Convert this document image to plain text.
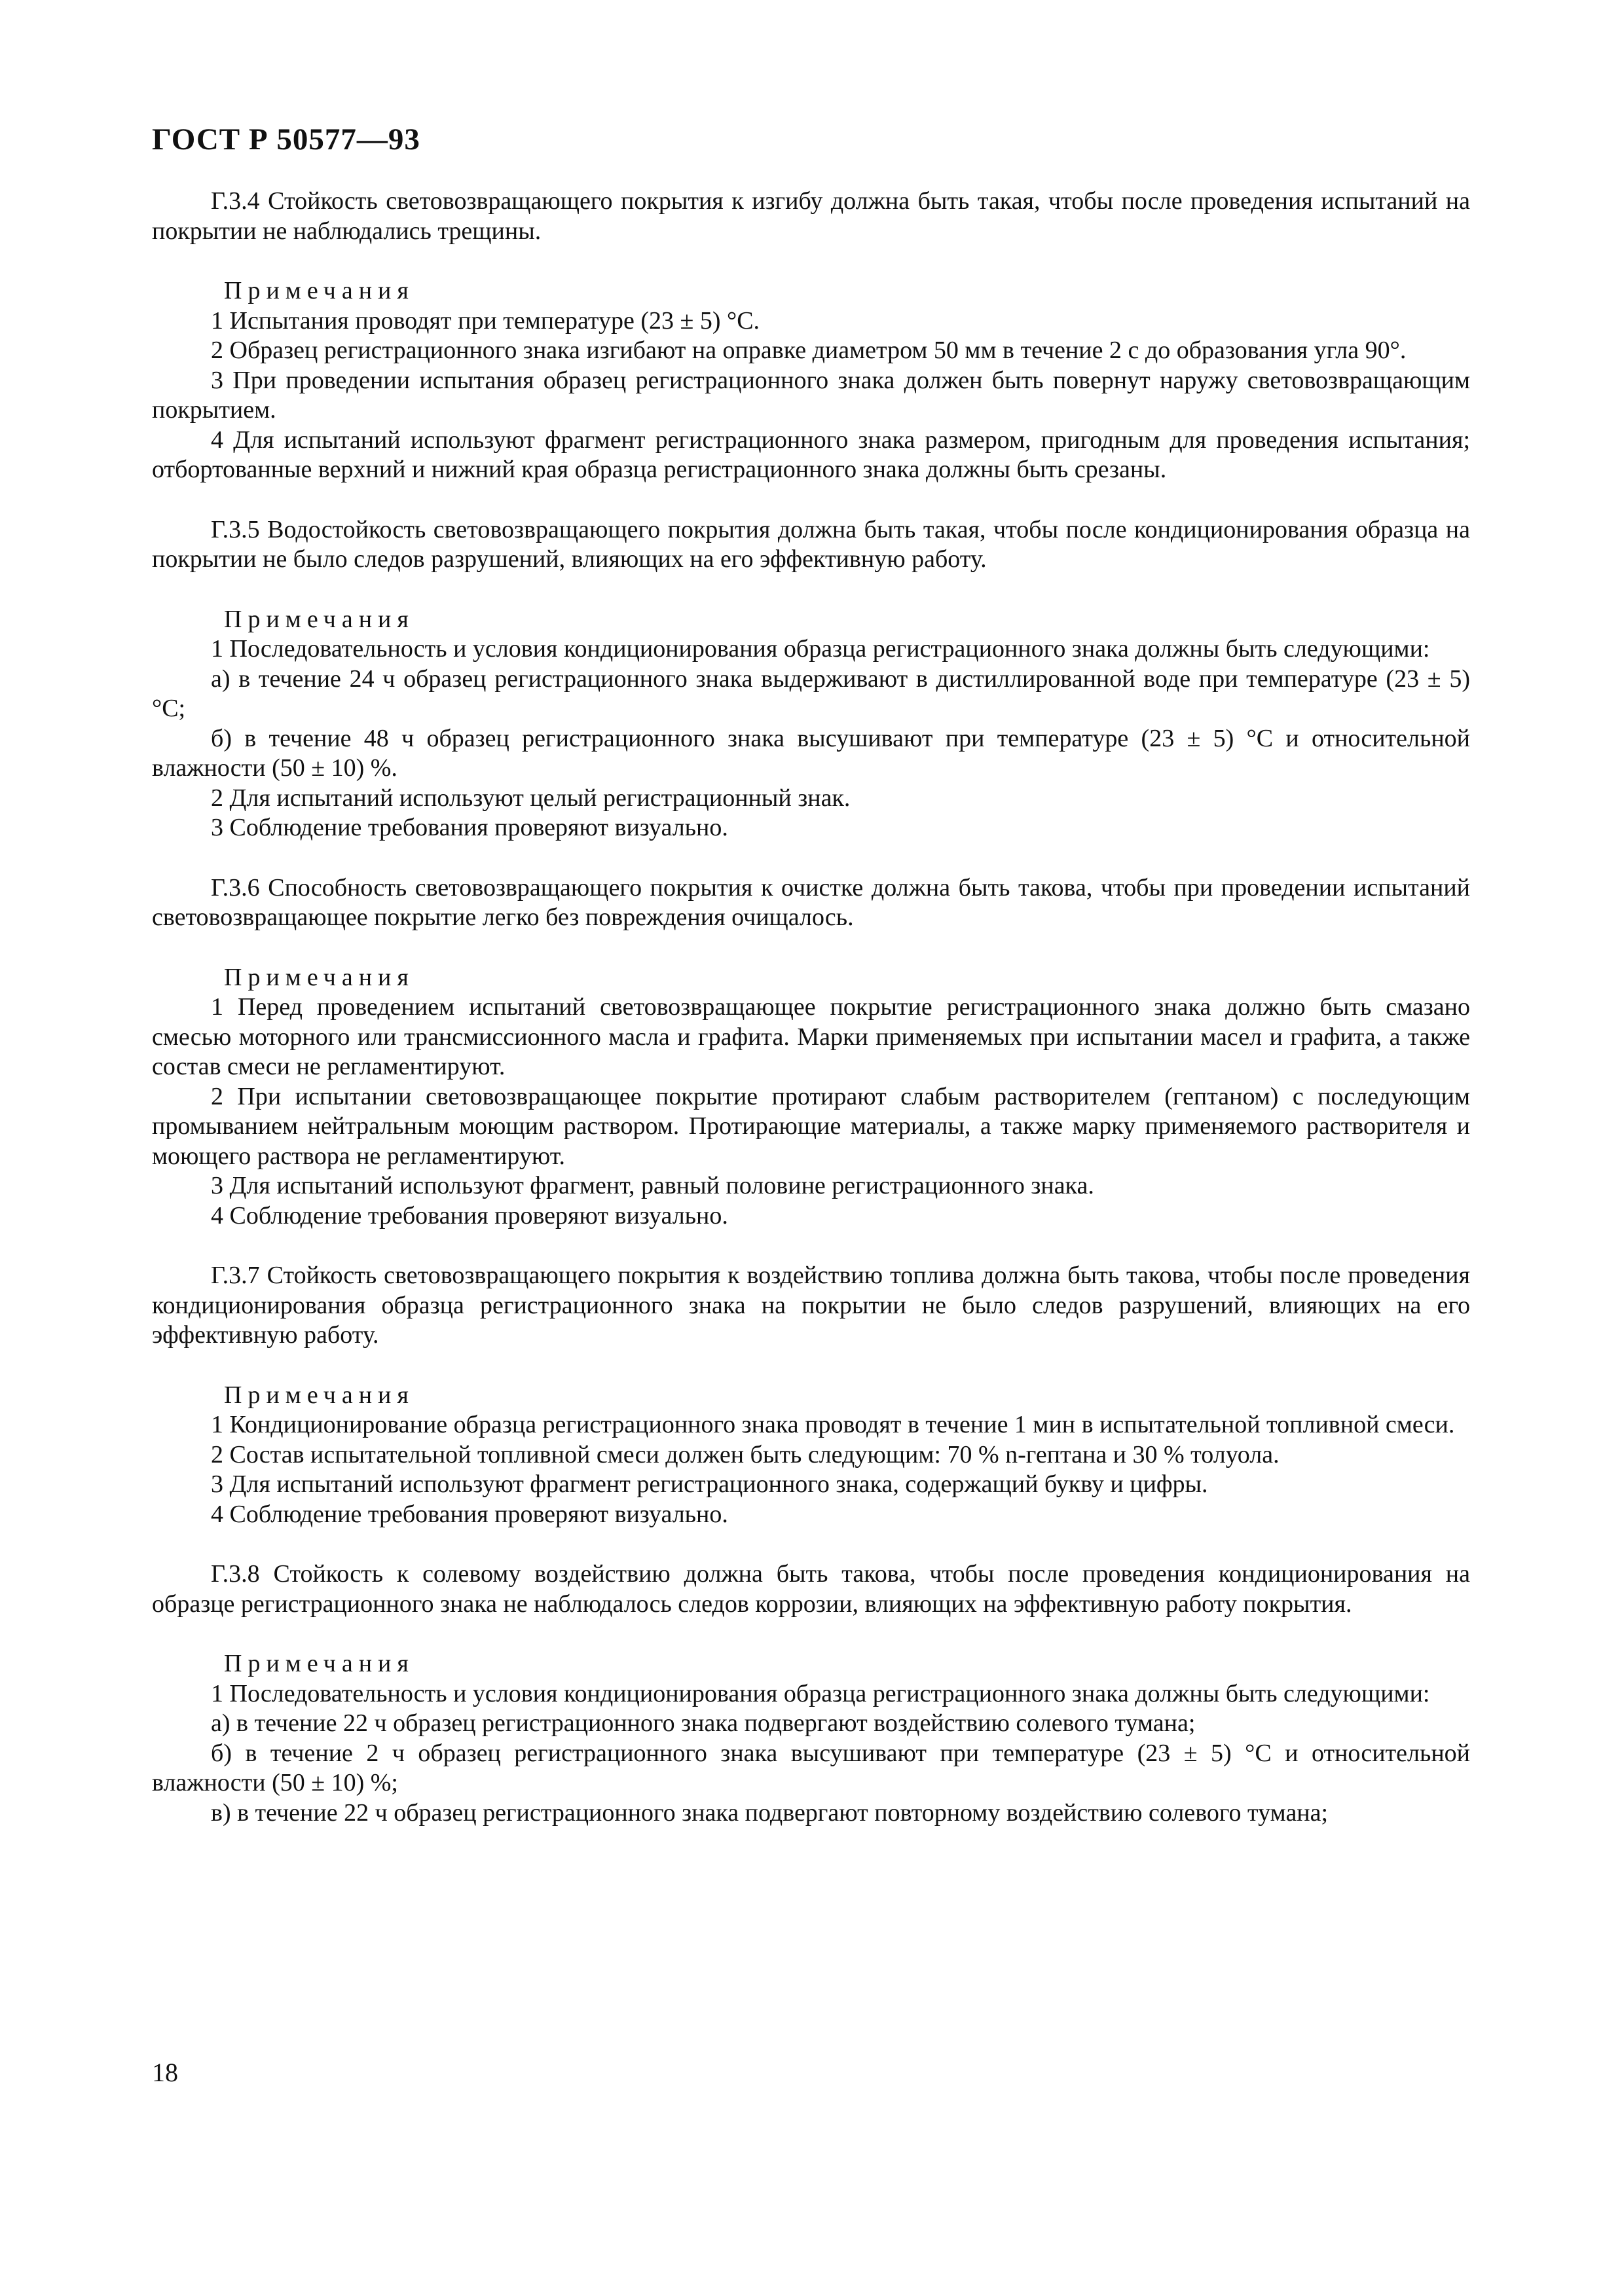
ГОСТ Р 50577—93

Г.3.4 Стойкость световозвращающего покрытия к изгибу должна быть такая, чтобы после проведения испытаний на покрытии не наблюдались трещины.

Примечания

1 Испытания проводят при температуре (23 ± 5) °С.

2 Образец регистрационного знака изгибают на оправке диаметром 50 мм в течение 2 с до образования угла 90°.

3 При проведении испытания образец регистрационного знака должен быть повернут наружу световозвращающим покрытием.

4 Для испытаний используют фрагмент регистрационного знака размером, пригодным для проведения испытания; отбортованные верхний и нижний края образца регистрационного знака должны быть срезаны.

Г.3.5 Водостойкость световозвращающего покрытия должна быть такая, чтобы после кондиционирования образца на покрытии не было следов разрушений, влияющих на его эффективную работу.

Примечания

1 Последовательность и условия кондиционирования образца регистрационного знака должны быть следующими:

а) в течение 24 ч образец регистрационного знака выдерживают в дистиллированной воде при температуре (23 ± 5) °С;

б) в течение 48 ч образец регистрационного знака высушивают при температуре (23 ± 5) °С и относительной влажности (50 ± 10) %.

2 Для испытаний используют целый регистрационный знак.

3 Соблюдение требования проверяют визуально.

Г.3.6 Способность световозвращающего покрытия к очистке должна быть такова, чтобы при проведении испытаний световозвращающее покрытие легко без повреждения очищалось.

Примечания

1 Перед проведением испытаний световозвращающее покрытие регистрационного знака должно быть смазано смесью моторного или трансмиссионного масла и графита. Марки применяемых при испытании масел и графита, а также состав смеси не регламентируют.

2 При испытании световозвращающее покрытие протирают слабым растворителем (гептаном) с последующим промыванием нейтральным моющим раствором. Протирающие материалы, а также марку применяемого растворителя и моющего раствора не регламентируют.

3 Для испытаний используют фрагмент, равный половине регистрационного знака.

4 Соблюдение требования проверяют визуально.

Г.3.7 Стойкость световозвращающего покрытия к воздействию топлива должна быть такова, чтобы после проведения кондиционирования образца регистрационного знака на покрытии не было следов разрушений, влияющих на его эффективную работу.

Примечания

1 Кондиционирование образца регистрационного знака проводят в течение 1 мин в испытательной топливной смеси.

2 Состав испытательной топливной смеси должен быть следующим: 70 % n-гептана и 30 % толуола.

3 Для испытаний используют фрагмент регистрационного знака, содержащий букву и цифры.

4 Соблюдение требования проверяют визуально.

Г.3.8 Стойкость к солевому воздействию должна быть такова, чтобы после проведения кондиционирования на образце регистрационного знака не наблюдалось следов коррозии, влияющих на эффективную работу покрытия.

Примечания

1 Последовательность и условия кондиционирования образца регистрационного знака должны быть следующими:

а) в течение 22 ч образец регистрационного знака подвергают воздействию солевого тумана;

б) в течение 2 ч образец регистрационного знака высушивают при температуре (23 ± 5) °С и относительной влажности (50 ± 10) %;

в) в течение 22 ч образец регистрационного знака подвергают повторному воздействию солевого тумана;

18
